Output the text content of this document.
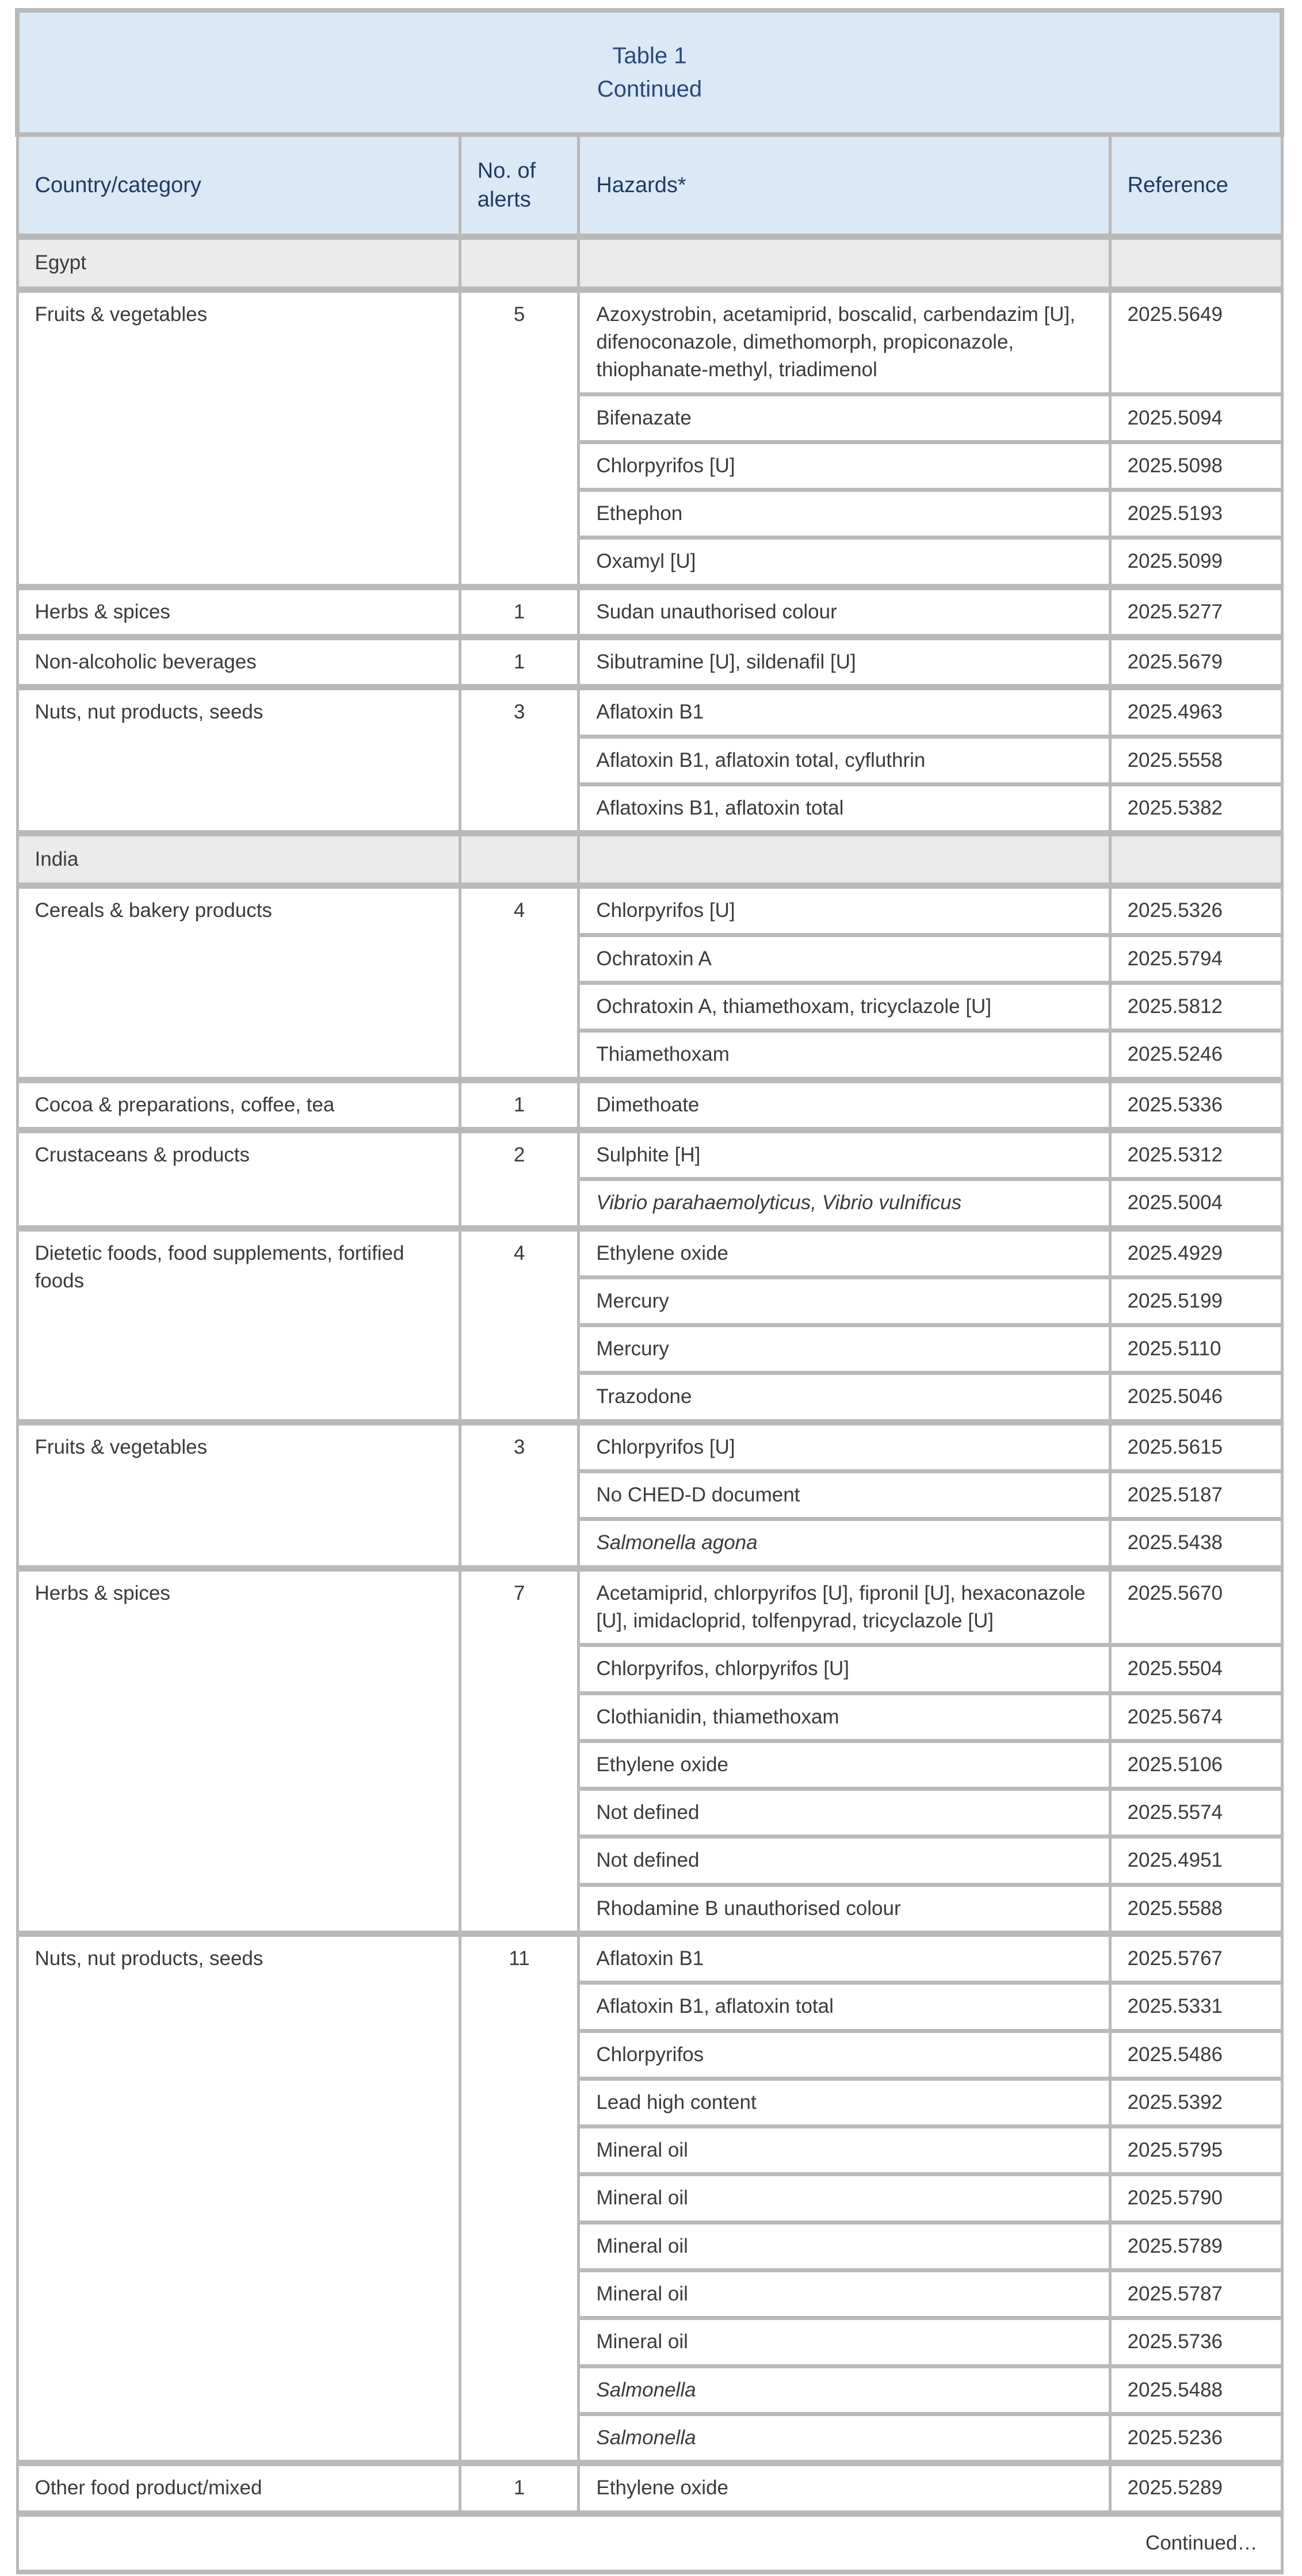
Table 1
Continued			

Country/category	No. of alerts	Hazards*	Reference
Egypt			
Fruits & vegetables	5	Azoxystrobin, acetamiprid, boscalid, carbendazim [U], difenoconazole, dimethomorph, propiconazole, thiophanate-methyl, triadimenol	2025.5649
		Bifenazate	2025.5094
		Chlorpyrifos [U]	2025.5098
		Ethephon	2025.5193
		Oxamyl [U]	2025.5099
Herbs & spices	1	Sudan unauthorised colour	2025.5277
Non-alcoholic beverages	1	Sibutramine [U], sildenafil [U]	2025.5679
Nuts, nut products, seeds	3	Aflatoxin B1	2025.4963
		Aflatoxin B1, aflatoxin total, cyfluthrin	2025.5558
		Aflatoxins B1, aflatoxin total	2025.5382
India			
Cereals & bakery products	4	Chlorpyrifos [U]	2025.5326
		Ochratoxin A	2025.5794
		Ochratoxin A, thiamethoxam, tricyclazole [U]	2025.5812
		Thiamethoxam	2025.5246
Cocoa & preparations, coffee, tea	1	Dimethoate	2025.5336
Crustaceans & products	2	Sulphite [H]	2025.5312
		Vibrio parahaemolyticus, Vibrio vulnificus	2025.5004
Dietetic foods, food supplements, fortified foods	4	Ethylene oxide	2025.4929
		Mercury	2025.5199
		Mercury	2025.5110
		Trazodone	2025.5046
Fruits & vegetables	3	Chlorpyrifos [U]	2025.5615
		No CHED-D document	2025.5187
		Salmonella agona	2025.5438
Herbs & spices	7	Acetamiprid, chlorpyrifos [U], fipronil [U], hexaconazole [U], imidacloprid, tolfenpyrad, tricyclazole [U]	2025.5670
		Chlorpyrifos, chlorpyrifos [U]	2025.5504
		Clothianidin, thiamethoxam	2025.5674
		Ethylene oxide	2025.5106
		Not defined	2025.5574
		Not defined	2025.4951
		Rhodamine B unauthorised colour	2025.5588
Nuts, nut products, seeds	11	Aflatoxin B1	2025.5767
		Aflatoxin B1, aflatoxin total	2025.5331
		Chlorpyrifos	2025.5486
		Lead high content	2025.5392
		Mineral oil	2025.5795
		Mineral oil	2025.5790
		Mineral oil	2025.5789
		Mineral oil	2025.5787
		Mineral oil	2025.5736
		Salmonella	2025.5488
		Salmonella	2025.5236
Other food product/mixed	1	Ethylene oxide	2025.5289
Continued…			
